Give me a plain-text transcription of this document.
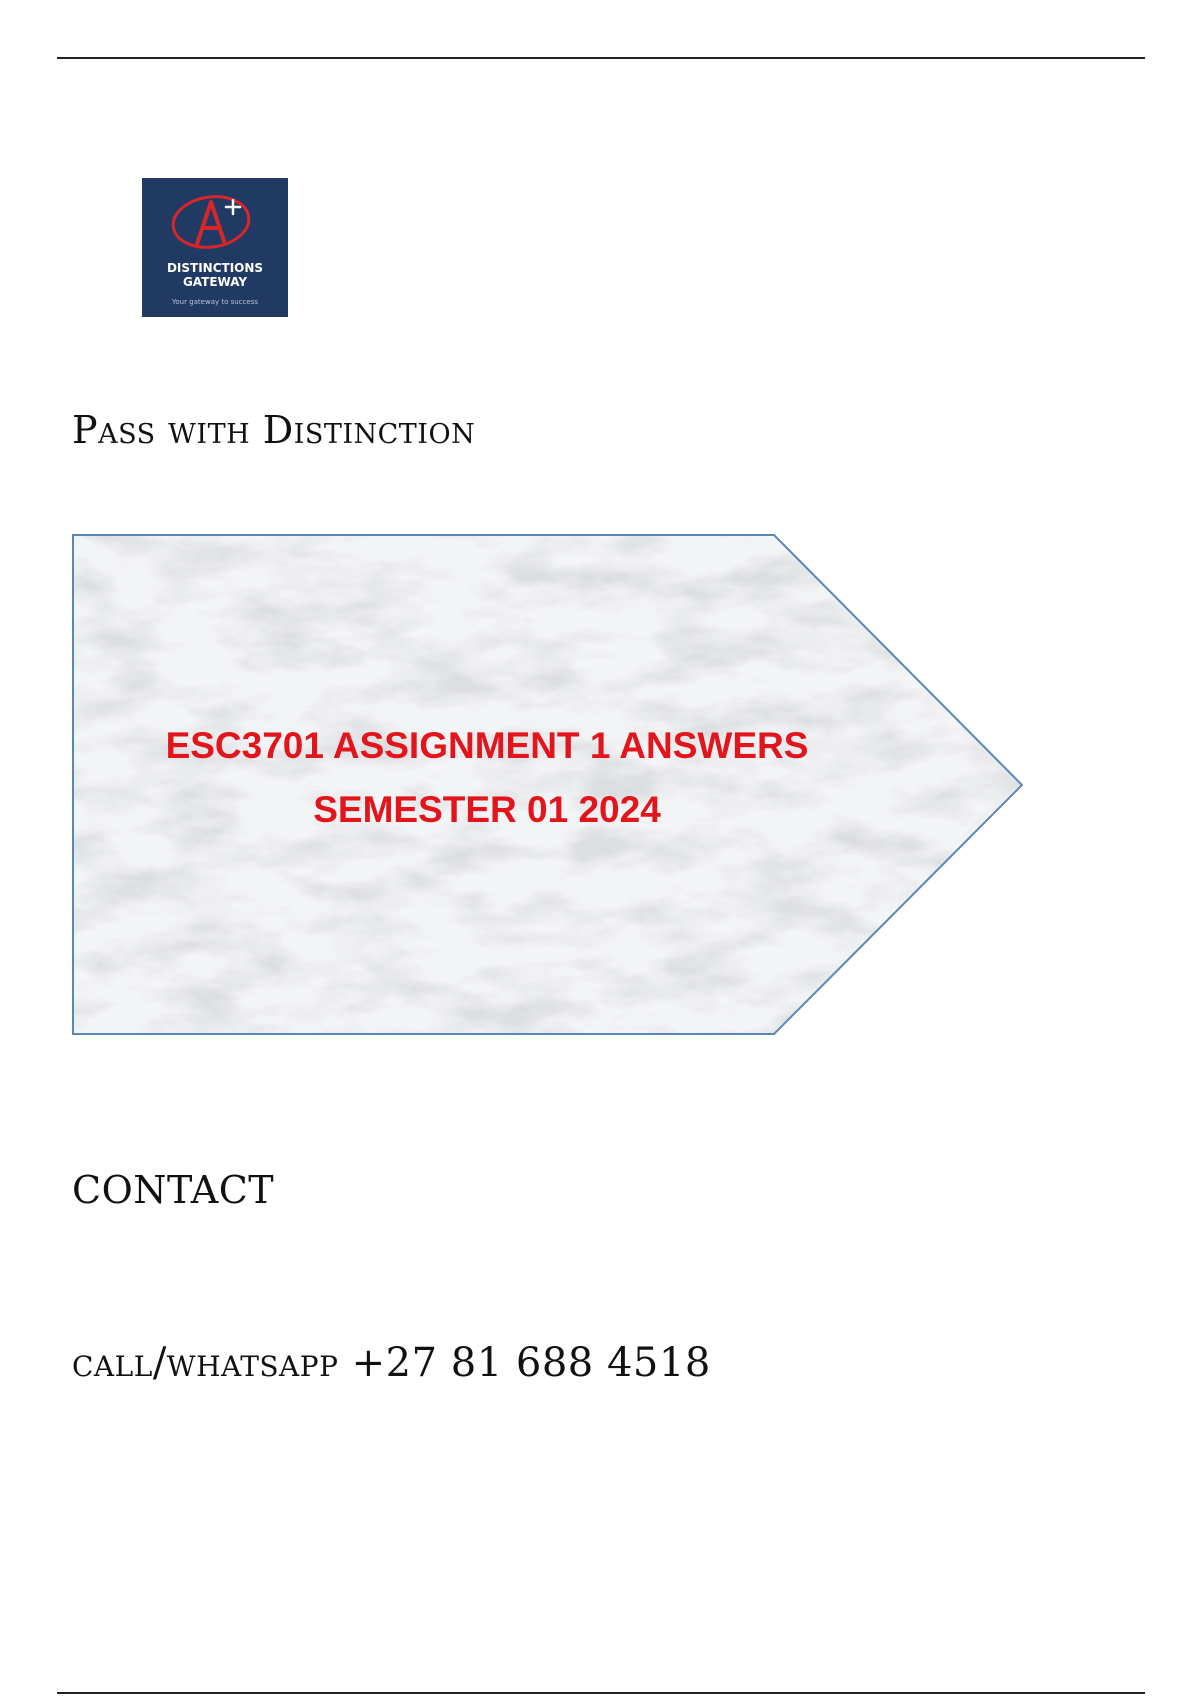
DISTINCTIONS
GATEWAY
Your gateway to success
Pass with Distinction
ESC3701 ASSIGNMENT 1 ANSWERS
SEMESTER 01 2024
CONTACT
call/whatsapp +27 81 688 4518
